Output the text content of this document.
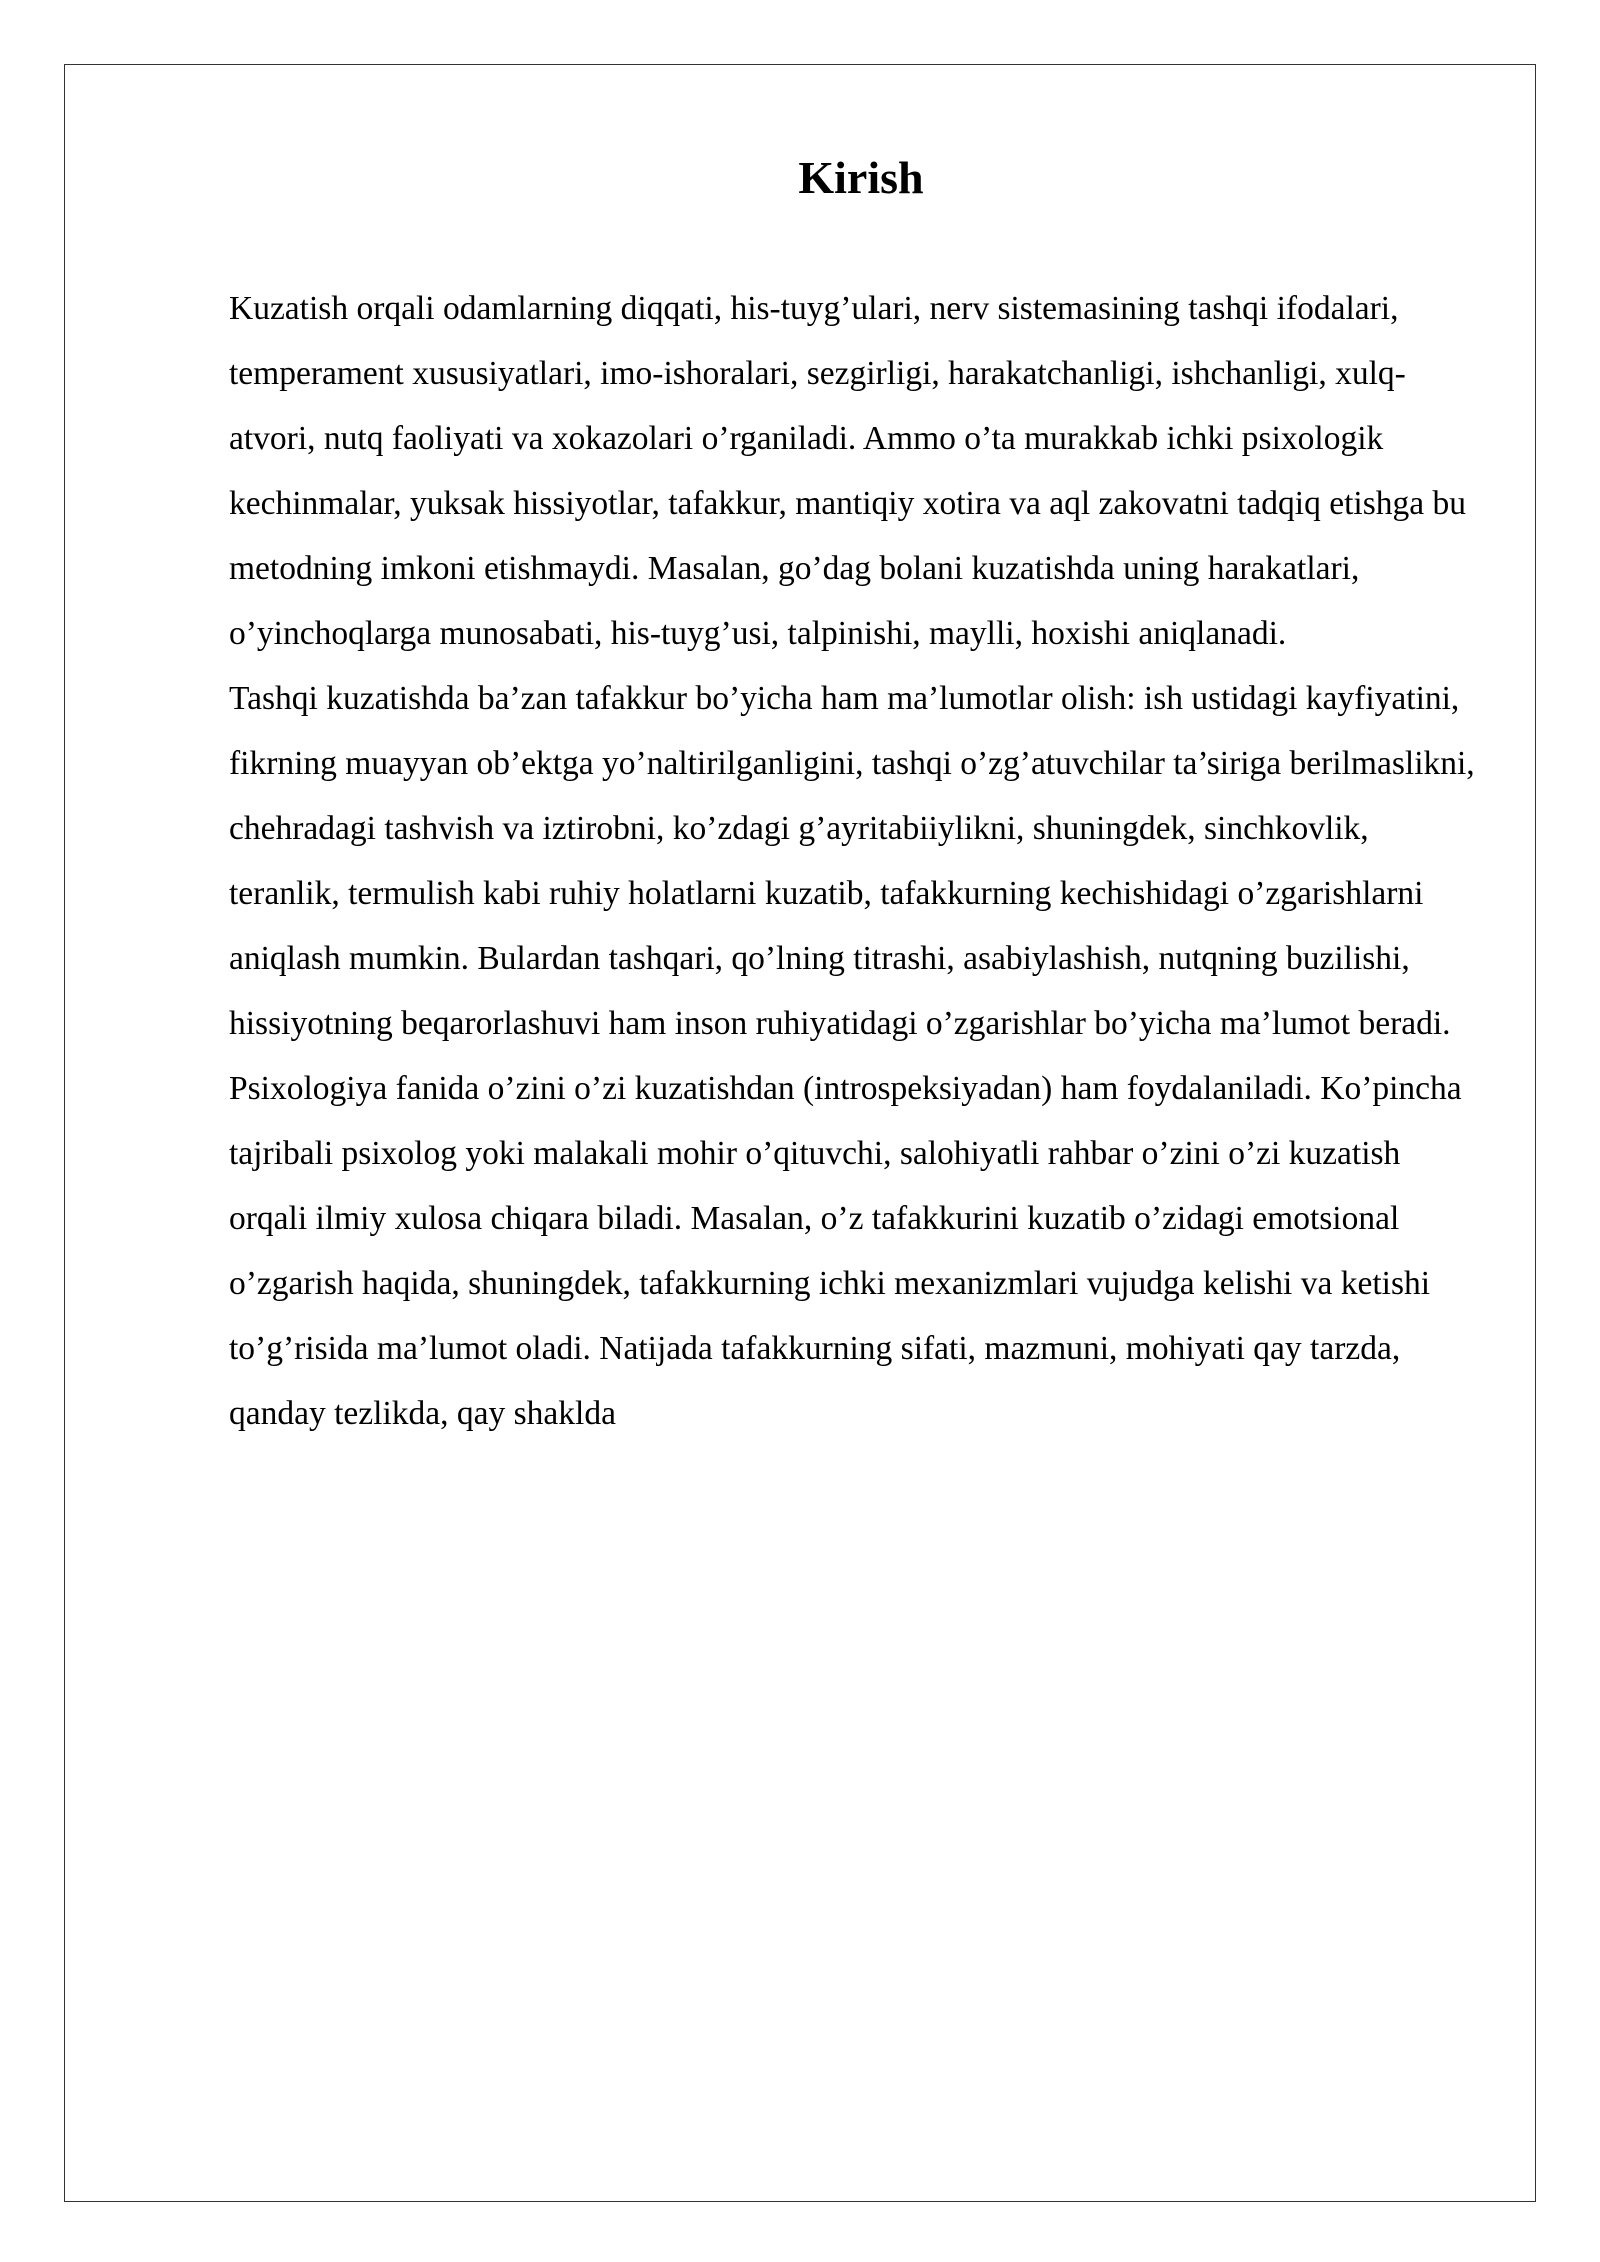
Kirish

Kuzatish orqali odamlarning diqqati, his-tuyg’ulari, nerv sistemasining tashqi ifodalari, temperament xususiyatlari, imo-ishoralari, sezgirligi, harakatchanligi, ishchanligi, xulq-atvori, nutq faoliyati va xokazolari o’rganiladi. Ammo o’ta murakkab ichki psixologik kechinmalar, yuksak hissiyotlar, tafakkur, mantiqiy xotira va aql zakovatni tadqiq etishga bu metodning imkoni etishmaydi. Masalan, go’dag bolani kuzatishda uning harakatlari, o’yinchoqlarga munosabati, his-tuyg’usi, talpinishi, maylli, hoxishi aniqlanadi.

Tashqi kuzatishda ba’zan tafakkur bo’yicha ham ma’lumotlar olish: ish ustidagi kayfiyatini, fikrning muayyan ob’ektga yo’naltirilganligini, tashqi o’zg’atuvchilar ta’siriga berilmaslikni, chehradagi tashvish va iztirobni, ko’zdagi g’ayritabiiylikni, shuningdek, sinchkovlik, teranlik, termulish kabi ruhiy holatlarni kuzatib, tafakkurning kechishidagi o’zgarishlarni aniqlash mumkin. Bulardan tashqari, qo’lning titrashi, asabiylashish, nutqning buzilishi, hissiyotning beqarorlashuvi ham inson ruhiyatidagi o’zgarishlar bo’yicha ma’lumot beradi.

Psixologiya fanida o’zini o’zi kuzatishdan (introspeksiyadan) ham foydalaniladi. Ko’pincha tajribali psixolog yoki malakali mohir o’qituvchi, salohiyatli rahbar o’zini o’zi kuzatish orqali ilmiy xulosa chiqara biladi. Masalan, o’z tafakkurini kuzatib o’zidagi emotsional o’zgarish haqida, shuningdek, tafakkurning ichki mexanizmlari vujudga kelishi va ketishi to’g’risida ma’lumot oladi. Natijada tafakkurning sifati, mazmuni, mohiyati qay tarzda, qanday tezlikda, qay shaklda
